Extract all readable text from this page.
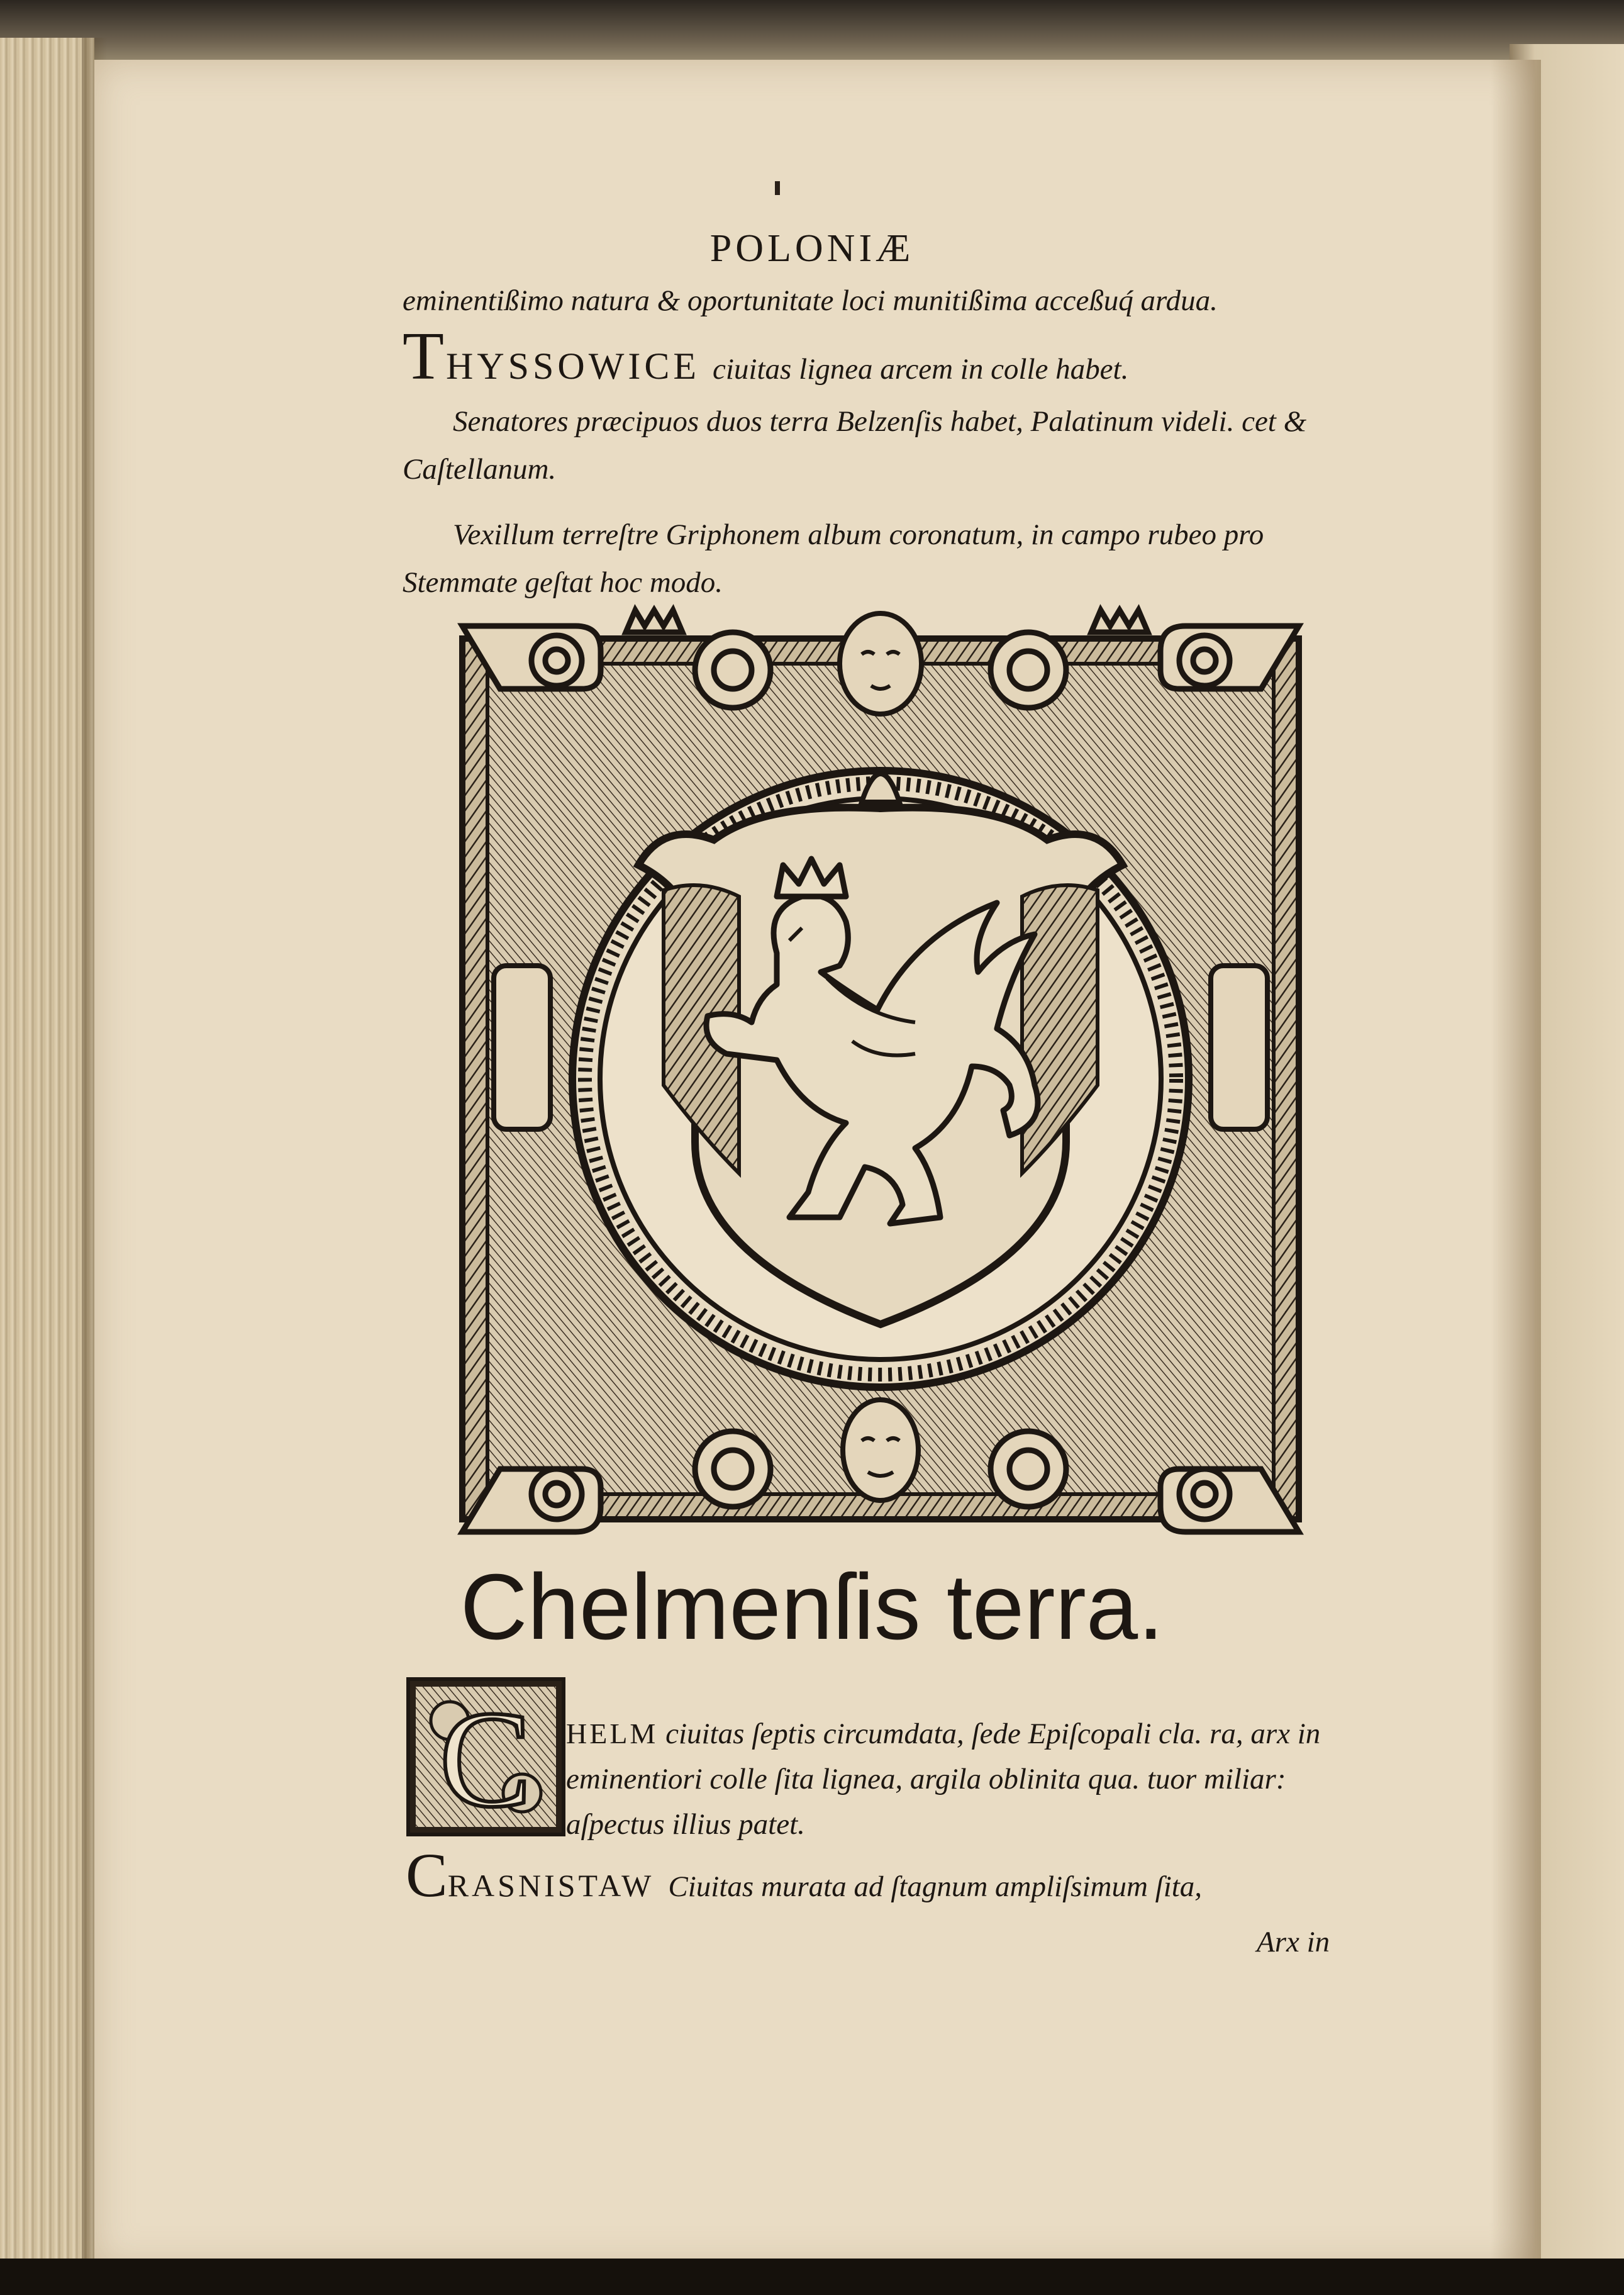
POLONIÆ
eminentißimo natura & oportunitate loci munitißima acceßuq́ ardua.
THYSSOWICE ciuitas lignea arcem in colle habet.
Senatores præcipuos duos terra Belzenſis habet, Palatinum videli. cet & Caſtellanum.
Vexillum terreſtre Griphonem album coronatum, in campo rubeo pro Stemmate geſtat hoc modo.
Chelmenſis terra.
C HELM ciuitas ſeptis circumdata, ſede Epiſcopali cla. ra, arx in eminentiori colle ſita lignea, argila oblinita qua. tuor miliar: aſpectus illius patet.
CRASNISTAW Ciuitas murata ad ſtagnum ampliſsimum ſita,
Arx in
